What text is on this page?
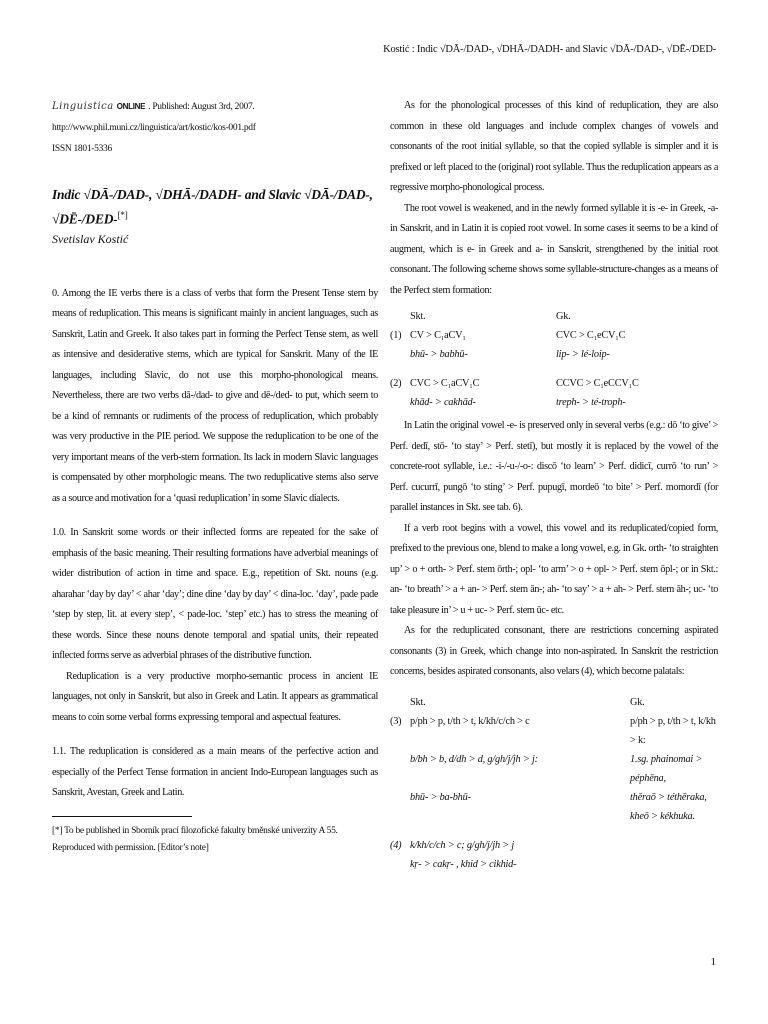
Kostić : Indic √DĀ-/DAD-, √DHĀ-/DADH- and Slavic √DĀ-/DAD-, √DĒ-/DED-
Linguistica ONLINE . Published: August 3rd, 2007.
http://www.phil.muni.cz/linguistica/art/kostic/kos-001.pdf
ISSN 1801-5336
Indic √DĀ-/DAD-, √DHĀ-/DADH- and Slavic √DĀ-/DAD-, √DĒ-/DED-[*]
Svetislav Kostić

0. Among the IE verbs there is a class of verbs that form the Present Tense stem by means of reduplication. This means is significant mainly in ancient languages, such as Sanskrit, Latin and Greek. It also takes part in forming the Perfect Tense stem, as well as intensive and desiderative stems, which are typical for Sanskrit. Many of the IE languages, including Slavic, do not use this morpho-phonological means. Nevertheless, there are two verbs dā-/dad- to give and dē-/ded- to put, which seem to be a kind of remnants or rudiments of the process of reduplication, which probably was very productive in the PIE period. We suppose the reduplication to be one of the very important means of the verb-stem formation. Its lack in modern Slavic languages is compensated by other morphologic means. The two reduplicative stems also serve as a source and motivation for a ‘quasi reduplication’ in some Slavic dialects.

1.0. In Sanskrit some words or their inflected forms are repeated for the sake of emphasis of the basic meaning. Their resulting formations have adverbial meanings of wider distribution of action in time and space. E.g., repetition of Skt. nouns (e.g. aharahar ‘day by day’ < ahar ‘day’; dine dine ‘day by day’ < dina-loc. ‘day’, pade pade ‘step by step, lit. at every step’, < pade-loc. ‘step’ etc.) has to stress the meaning of these words. Since these nouns denote temporal and spatial units, their repeated inflected forms serve as adverbial phrases of the distributive function.

Reduplication is a very productive morpho-semantic process in ancient IE languages, not only in Sanskrit, but also in Greek and Latin. It appears as grammatical means to coin some verbal forms expressing temporal and aspectual features.

1.1. The reduplication is considered as a main means of the perfective action and especially of the Perfect Tense formation in ancient Indo-European languages such as Sanskrit, Avestan, Greek and Latin.

[*] To be published in Sborník prací filozofické fakulty brněnské univerzity A 55. Reproduced with permission. [Editor’s note]

As for the phonological processes of this kind of reduplication, they are also common in these old languages and include complex changes of vowels and consonants of the root initial syllable, so that the copied syllable is simpler and it is prefixed or left placed to the (original) root syllable. Thus the reduplication appears as a regressive morpho-phonological process.

The root vowel is weakened, and in the newly formed syllable it is -e- in Greek, -a- in Sanskrit, and in Latin it is copied root vowel. In some cases it seems to be a kind of augment, which is e- in Greek and a- in Sanskrit, strengthened by the initial root consonant. The following scheme shows some syllable-structure-changes as a means of the Perfect stem formation:

Skt.	Gk.
(1) CV > C₁aCV₁	CVC > C₁eCV₁C
bhū- > babhū-	lip- > lé-loip-
(2) CVC > C₁aCV₁C	CCVC > C₁eCCV₁C
khād- > cakhād-	treph- > té-troph-

In Latin the original vowel -e- is preserved only in several verbs (e.g.: dō ‘to give’ > Perf. dedī, stō- ‘to stay’ > Perf. stetī), but mostly it is replaced by the vowel of the concrete-root syllable, i.e.: -i-/-u-/-o-: discō ‘to learn’ > Perf. didicī, currō ‘to run’ > Perf. cucurrī, pungō ‘to sting’ > Perf. pupugī, mordeō ‘to bite’ > Perf. momordī (for parallel instances in Skt. see tab. 6).

If a verb root begins with a vowel, this vowel and its reduplicated/copied form, prefixed to the previous one, blend to make a long vowel, e.g. in Gk. orth- ‘to straighten up’ > o + orth- > Perf. stem ōrth-; opl- ‘to arm’ > o + opl- > Perf. stem ōpl-; or in Skt.: an- ‘to breath’ > a + an- > Perf. stem ān-; ah- ‘to say’ > a + ah- > Perf. stem āh-; uc- ‘to take pleasure in’ > u + uc- > Perf. stem ūc- etc.

As for the reduplicated consonant, there are restrictions concerning aspirated consonants (3) in Greek, which change into non-aspirated. In Sanskrit the restriction concerns, besides aspirated consonants, also velars (4), which become palatals:

Skt.	Gk.
(3) p/ph > p, t/th > t, k/kh/c/ch > c	p/ph > p, t/th > t, k/kh > k:
b/bh > b, d/dh > d, g/gh/j/jh > j:	1.sg. phainomai > péphēna,
bhū- > ba-bhū-	thēraō > téthēraka, kheō > kékhuka.
(4) k/kh/c/ch > c; g/gh/j/jh > j
kṛ- > cakṛ- , khid > cikhid-
1
